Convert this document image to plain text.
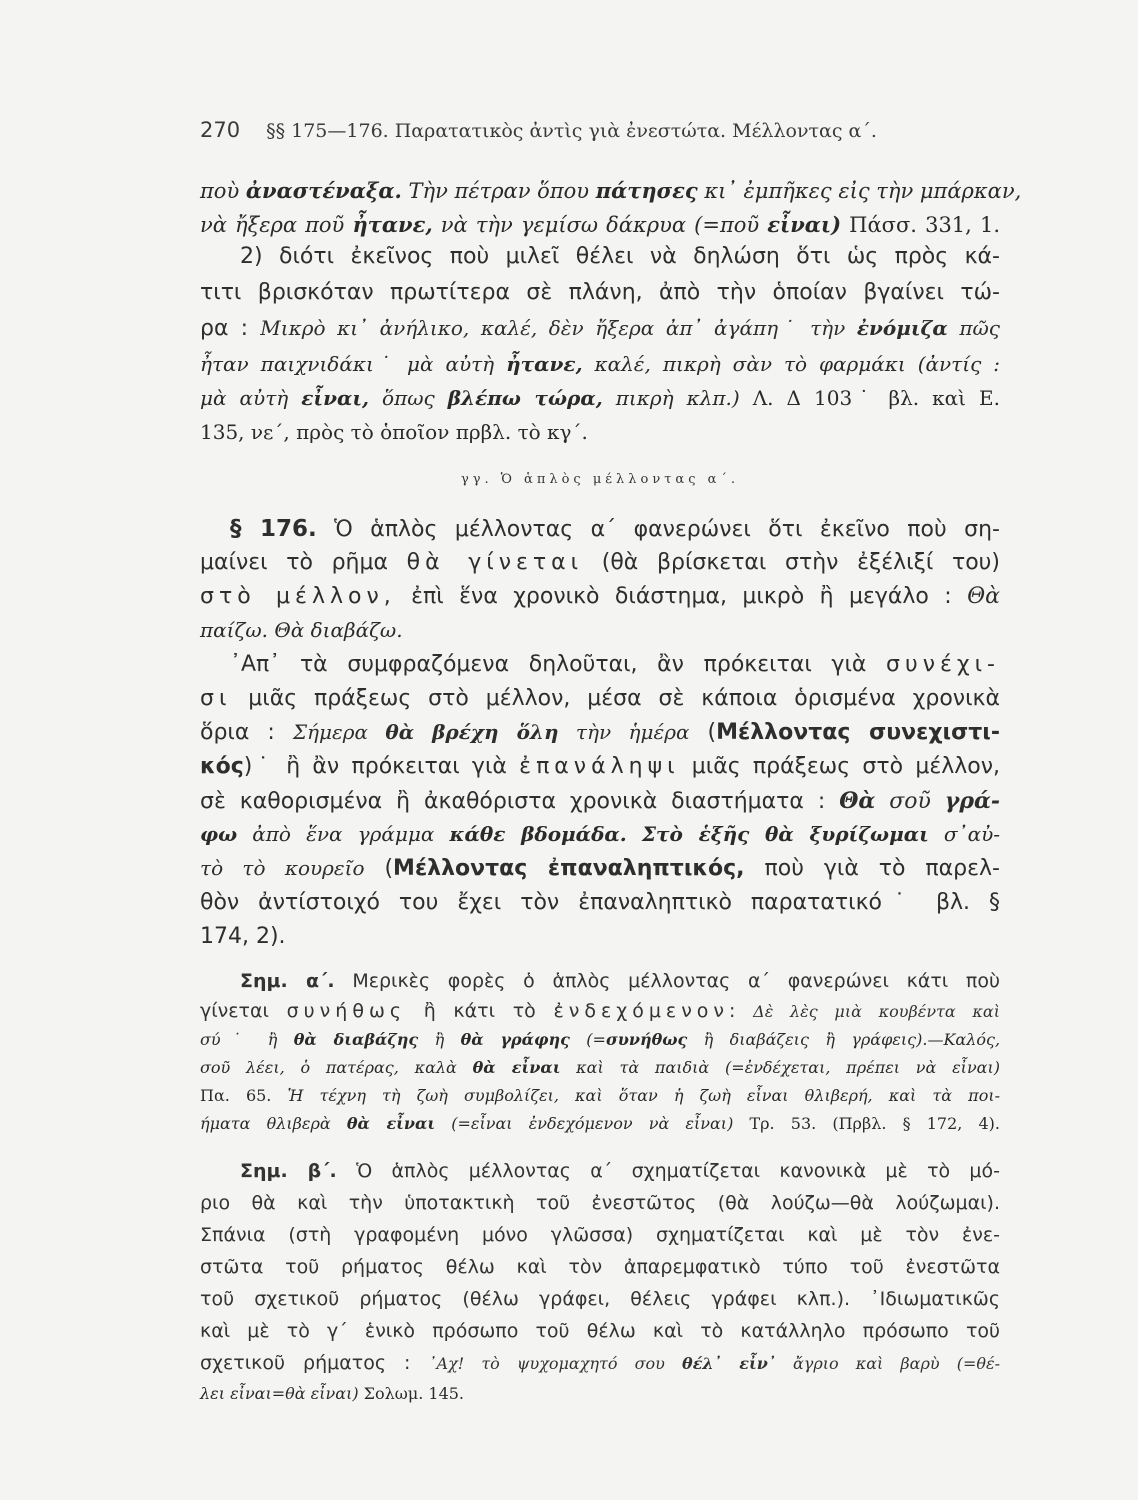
270 §§ 175—176. Παρατατικὸς ἀντὶς γιὰ ἐνεστώτα. Μέλλοντας α΄.
ποὺ ἀναστέναξα. Τὴν πέτραν ὅπου πάτησες κι᾽ ἐμπῆκες εἰς τὴν μπάρκαν,
νὰ ἤξερα ποῦ ἦτανε, νὰ τὴν γεμίσω δάκρυα (=ποῦ εἶναι) Πάσσ. 331, 1.
2) διότι ἐκεῖνος ποὺ μιλεῖ θέλει νὰ δηλώση ὅτι ὡς πρὸς κά-
τιτι βρισκόταν πρωτίτερα σὲ πλάνη, ἀπὸ τὴν ὁποίαν βγαίνει τώ-
ρα : Μικρὸ κι᾽ ἀνήλικο, καλέ, δὲν ἤξερα ἀπ᾽ ἀγάπη˙ τὴν ἐνόμιζα πῶς
ἦταν παιχνιδάκι˙ μὰ αὐτὴ ἦτανε, καλέ, πικρὴ σὰν τὸ φαρμάκι (ἀντίς :
μὰ αὐτὴ εἶναι, ὅπως βλέπω τώρα, πικρὴ κλπ.) Λ. Δ 103˙ βλ. καὶ Ε.
135, νε΄, πρὸς τὸ ὁποῖον πρβλ. τὸ κγ΄.
γγ. Ὁ ἁπλὸς μέλλοντας α΄.
§ 176. Ὁ ἁπλὸς μέλλοντας α΄ φανερώνει ὅτι ἐκεῖνο ποὺ ση-
μαίνει τὸ ρῆμα θὰ γίνεται (θὰ βρίσκεται στὴν ἐξέλιξί του)
στὸ μέλλον, ἐπὶ ἕνα χρονικὸ διάστημα, μικρὸ ἢ μεγάλο : Θὰ
παίζω. Θὰ διαβάζω.
᾽Απ᾽ τὰ συμφραζόμενα δηλοῦται, ἂν πρόκειται γιὰ συνέχι-
σι μιᾶς πράξεως στὸ μέλλον, μέσα σὲ κάποια ὁρισμένα χρονικὰ
ὅρια : Σήμερα θὰ βρέχη ὅλη τὴν ἡμέρα (Μέλλοντας συνεχιστι-
κός)˙ ἢ ἂν πρόκειται γιὰ ἐπανάληψι μιᾶς πράξεως στὸ μέλλον,
σὲ καθορισμένα ἢ ἀκαθόριστα χρονικὰ διαστήματα : Θὰ σοῦ γρά-
φω ἀπὸ ἕνα γράμμα κάθε βδομάδα. Στὸ ἑξῆς θὰ ξυρίζωμαι σ᾽αὐ-
τὸ τὸ κουρεῖο (Μέλλοντας ἐπαναληπτικός, ποὺ γιὰ τὸ παρελ-
θὸν ἀντίστοιχό του ἔχει τὸν ἐπαναληπτικὸ παρατατικό˙ βλ. §
174, 2).
Σημ. α΄. Μερικὲς φορὲς ὁ ἁπλὸς μέλλοντας α΄ φανερώνει κάτι ποὺ
γίνεται συνήθως ἢ κάτι τὸ ἐνδεχόμενον: Δὲ λὲς μιὰ κουβέντα καὶ
σύ˙ ἢ θὰ διαβάζης ἢ θὰ γράφης (=συνήθως ἢ διαβάζεις ἢ γράφεις).—Καλός,
σοῦ λέει, ὁ πατέρας, καλὰ θὰ εἶναι καὶ τὰ παιδιὰ (=ἐνδέχεται, πρέπει νὰ εἶναι)
Πα. 65. Ἡ τέχνη τὴ ζωὴ συμβολίζει, καὶ ὅταν ἡ ζωὴ εἶναι θλιβερή, καὶ τὰ ποι-
ήματα θλιβερὰ θὰ εἶναι (=εἶναι ἐνδεχόμενον νὰ εἶναι) Τρ. 53. (Πρβλ. § 172, 4).
Σημ. β΄. Ὁ ἁπλὸς μέλλοντας α΄ σχηματίζεται κανονικὰ μὲ τὸ μό-
ριο θὰ καὶ τὴν ὑποτακτικὴ τοῦ ἐνεστῶτος (θὰ λούζω—θὰ λούζωμαι).
Σπάνια (στὴ γραφομένη μόνο γλῶσσα) σχηματίζεται καὶ μὲ τὸν ἐνε-
στῶτα τοῦ ρήματος θέλω καὶ τὸν ἀπαρεμφατικὸ τύπο τοῦ ἐνεστῶτα
τοῦ σχετικοῦ ρήματος (θέλω γράφει, θέλεις γράφει κλπ.). ᾽Ιδιωματικῶς
καὶ μὲ τὸ γ΄ ἑνικὸ πρόσωπο τοῦ θέλω καὶ τὸ κατάλληλο πρόσωπο τοῦ
σχετικοῦ ρήματος : ᾽Αχ! τὸ ψυχομαχητό σου θέλ᾽ εἶν᾽ ἄγριο καὶ βαρὺ (=θέ-
λει εἶναι=θὰ εἶναι) Σολωμ. 145.
